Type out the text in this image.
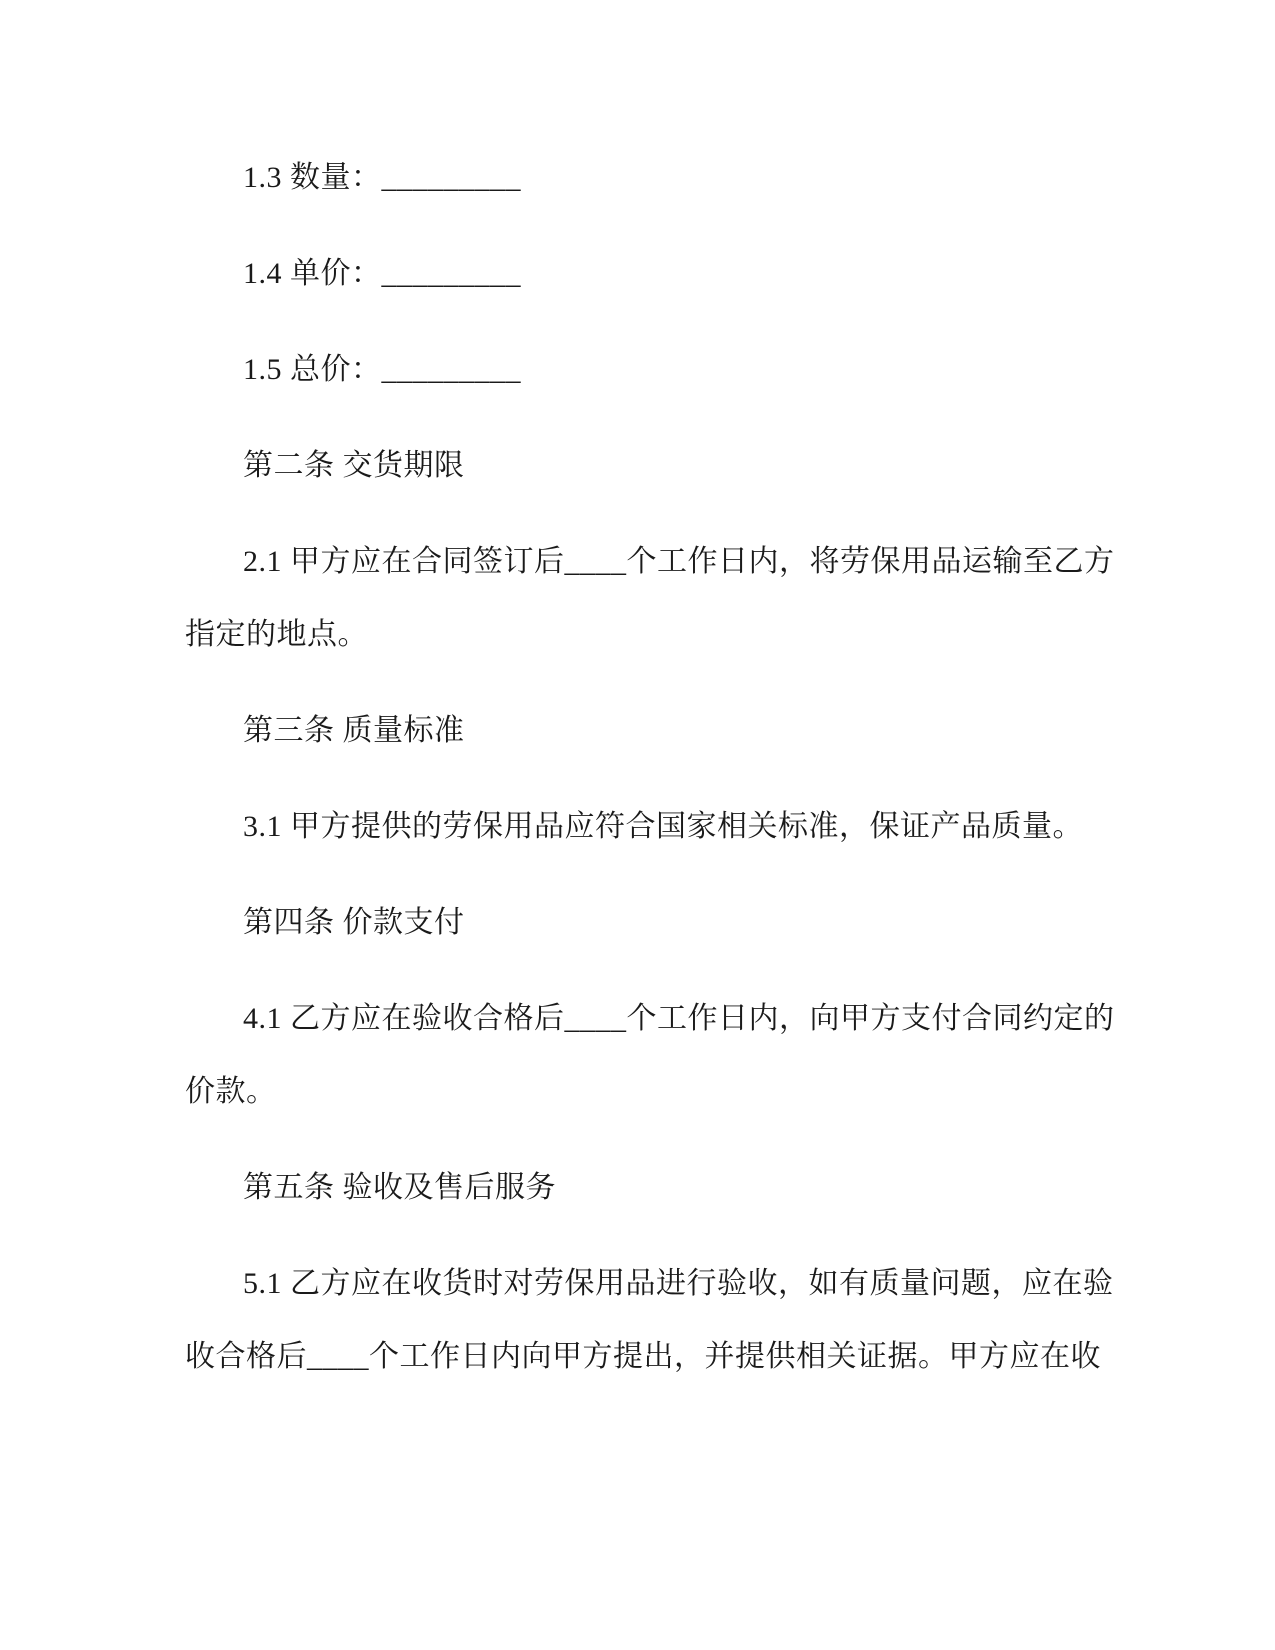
1.3 数量：_________
1.4 单价：_________
1.5 总价：_________
第二条 交货期限
2.1 甲方应在合同签订后____个工作日内，将劳保用品运输至乙方
指定的地点。
第三条 质量标准
3.1 甲方提供的劳保用品应符合国家相关标准，保证产品质量。
第四条 价款支付
4.1 乙方应在验收合格后____个工作日内，向甲方支付合同约定的
价款。
第五条 验收及售后服务
5.1 乙方应在收货时对劳保用品进行验收，如有质量问题，应在验
收合格后____个工作日内向甲方提出，并提供相关证据。甲方应在收
